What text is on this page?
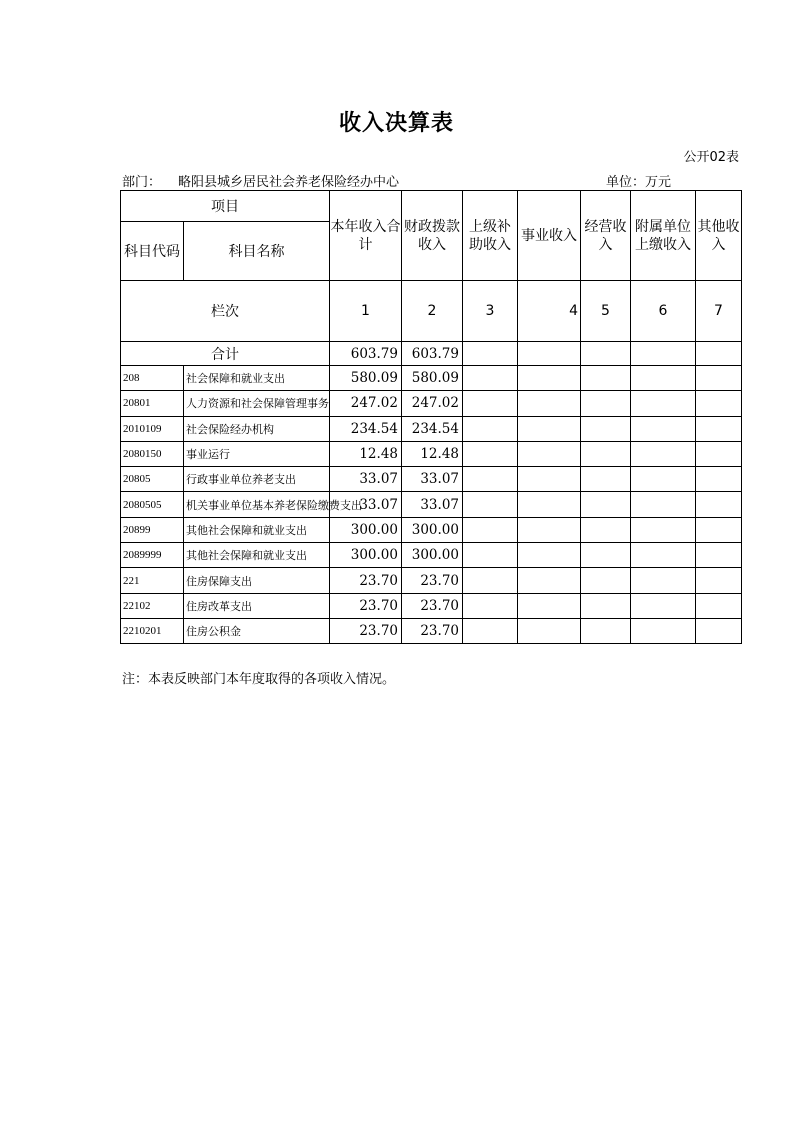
收入决算表
公开02表
部门： 略阳县城乡居民社会养老保险经办中心	单位：万元
项目		本年收入合计	财政拨款收入	上级补助收入	事业收入	经营收入	附属单位上缴收入	其他收入
科目代码	科目名称							
栏次		1	2	3	4	5	6	7
合计		603.79	603.79					
208	社会保障和就业支出	580.09	580.09					
20801	人力资源和社会保障管理事务	247.02	247.02					
2010109	社会保险经办机构	234.54	234.54					
2080150	事业运行	12.48	12.48					
20805	行政事业单位养老支出	33.07	33.07					
2080505	机关事业单位基本养老保险缴费支出	33.07	33.07					
20899	其他社会保障和就业支出	300.00	300.00					
2089999	其他社会保障和就业支出	300.00	300.00					
221	住房保障支出	23.70	23.70					
22102	住房改革支出	23.70	23.70					
2210201	住房公积金	23.70	23.70					
注：本表反映部门本年度取得的各项收入情况。
